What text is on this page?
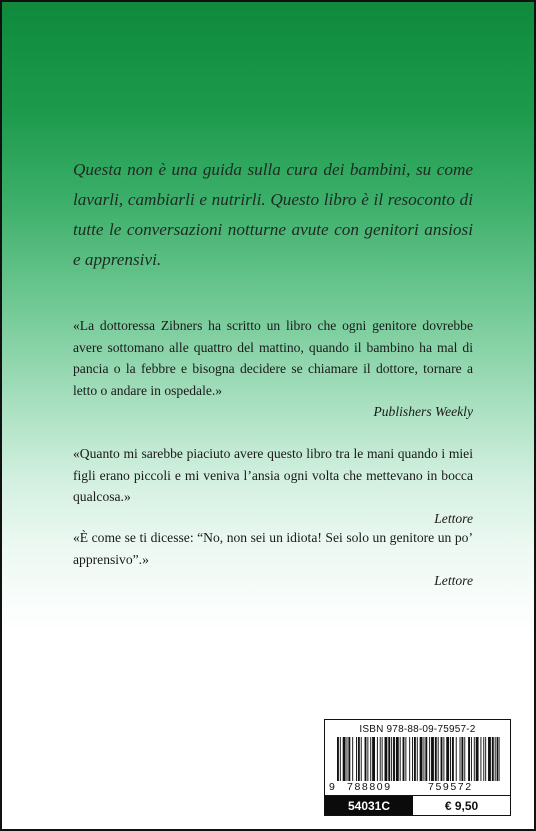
Questa non è una guida sulla cura dei bambini, su come lavarli, cambiarli e nutrirli. Questo libro è il resoconto di tutte le conversazioni notturne avute con genitori ansiosi e apprensivi.

«La dottoressa Zibners ha scritto un libro che ogni genitore dovrebbe avere sottomano alle quattro del mattino, quando il bambino ha mal di pancia o la febbre e bisogna decidere se chiamare il dottore, tornare a letto o andare in ospedale.»
Publishers Weekly
«Quanto mi sarebbe piaciuto avere questo libro tra le mani quando i miei figli erano piccoli e mi veniva l’ansia ogni volta che mettevano in bocca qualcosa.»
Lettore
«È come se ti dicesse: “No, non sei un idiota! Sei solo un genitore un po’ apprensivo”.»
Lettore
ISBN 978-88-09-75957-2
9 788809	759572
54031C	€ 9,50
